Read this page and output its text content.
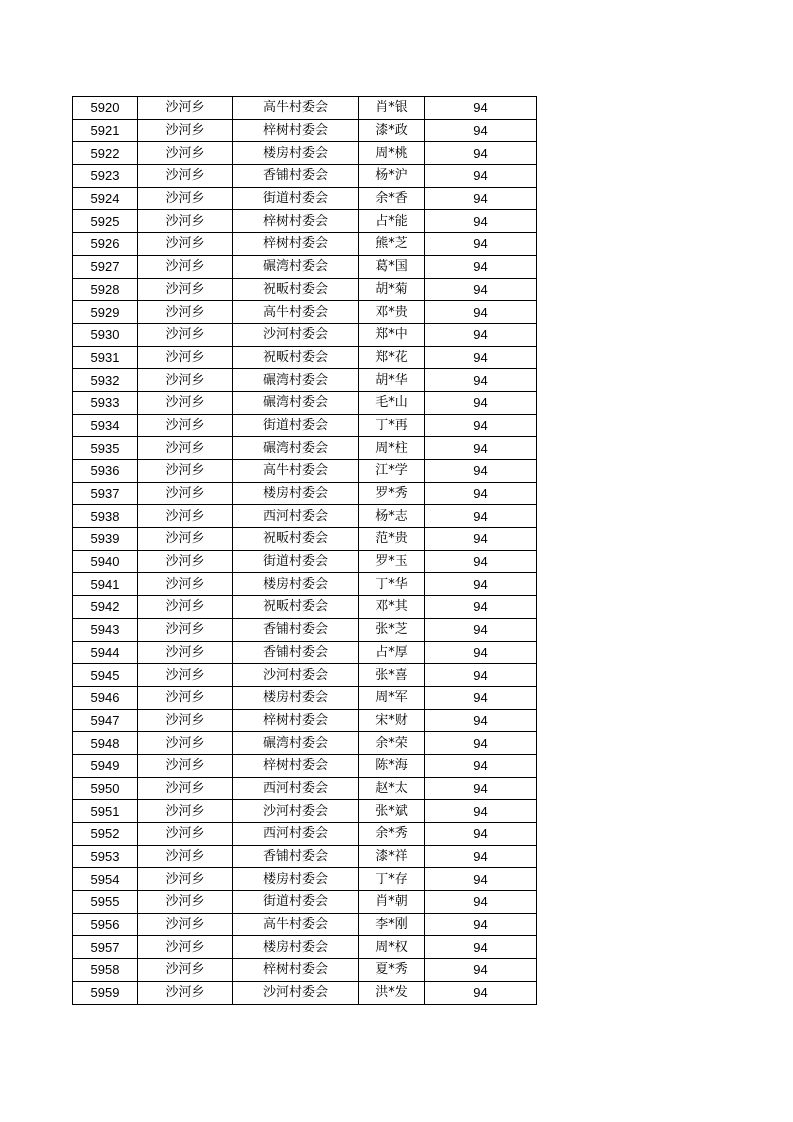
5920	沙河乡	高牛村委会	肖*银	94
5921	沙河乡	梓树村委会	漆*政	94
5922	沙河乡	楼房村委会	周*桃	94
5923	沙河乡	香铺村委会	杨*沪	94
5924	沙河乡	街道村委会	余*香	94
5925	沙河乡	梓树村委会	占*能	94
5926	沙河乡	梓树村委会	熊*芝	94
5927	沙河乡	碾湾村委会	葛*国	94
5928	沙河乡	祝畈村委会	胡*菊	94
5929	沙河乡	高牛村委会	邓*贵	94
5930	沙河乡	沙河村委会	郑*中	94
5931	沙河乡	祝畈村委会	郑*花	94
5932	沙河乡	碾湾村委会	胡*华	94
5933	沙河乡	碾湾村委会	毛*山	94
5934	沙河乡	街道村委会	丁*再	94
5935	沙河乡	碾湾村委会	周*柱	94
5936	沙河乡	高牛村委会	江*学	94
5937	沙河乡	楼房村委会	罗*秀	94
5938	沙河乡	西河村委会	杨*志	94
5939	沙河乡	祝畈村委会	范*贵	94
5940	沙河乡	街道村委会	罗*玉	94
5941	沙河乡	楼房村委会	丁*华	94
5942	沙河乡	祝畈村委会	邓*其	94
5943	沙河乡	香铺村委会	张*芝	94
5944	沙河乡	香铺村委会	占*厚	94
5945	沙河乡	沙河村委会	张*喜	94
5946	沙河乡	楼房村委会	周*军	94
5947	沙河乡	梓树村委会	宋*财	94
5948	沙河乡	碾湾村委会	余*荣	94
5949	沙河乡	梓树村委会	陈*海	94
5950	沙河乡	西河村委会	赵*太	94
5951	沙河乡	沙河村委会	张*斌	94
5952	沙河乡	西河村委会	余*秀	94
5953	沙河乡	香铺村委会	漆*祥	94
5954	沙河乡	楼房村委会	丁*存	94
5955	沙河乡	街道村委会	肖*朝	94
5956	沙河乡	高牛村委会	李*刚	94
5957	沙河乡	楼房村委会	周*权	94
5958	沙河乡	梓树村委会	夏*秀	94
5959	沙河乡	沙河村委会	洪*发	94
